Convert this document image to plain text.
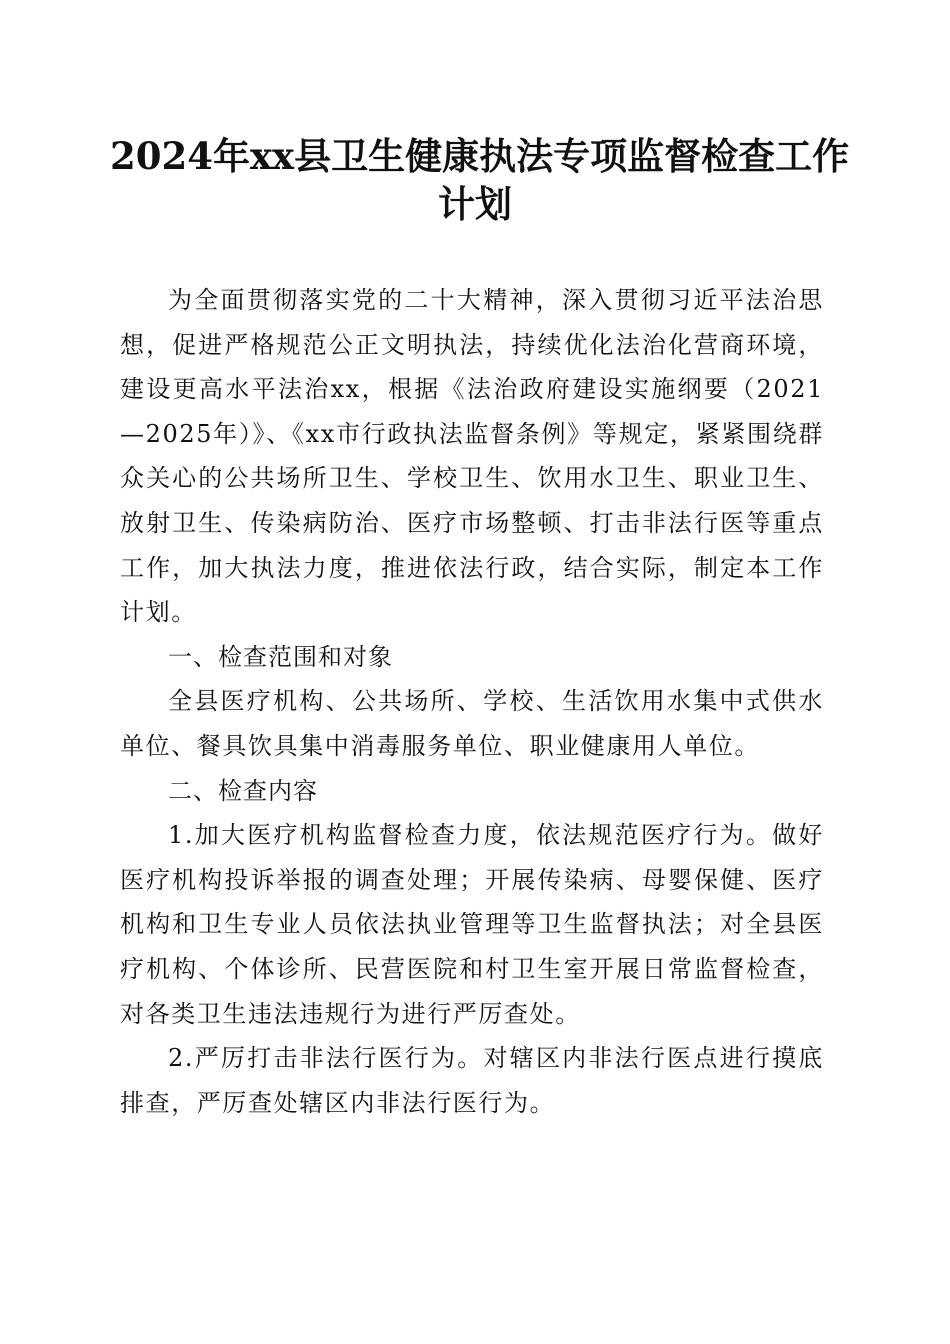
2024年xx县卫生健康执法专项监督检查工作
计划

为全面贯彻落实党的二十大精神，深入贯彻习近平法治思想，促进严格规范公正文明执法，持续优化法治化营商环境，建设更高水平法治xx，根据《法治政府建设实施纲要（2021—2025年）》、《xx市行政执法监督条例》等规定，紧紧围绕群众关心的公共场所卫生、学校卫生、饮用水卫生、职业卫生、放射卫生、传染病防治、医疗市场整顿、打击非法行医等重点工作，加大执法力度，推进依法行政，结合实际，制定本工作计划。

一、检查范围和对象

全县医疗机构、公共场所、学校、生活饮用水集中式供水单位、餐具饮具集中消毒服务单位、职业健康用人单位。

二、检查内容

1.加大医疗机构监督检查力度，依法规范医疗行为。做好医疗机构投诉举报的调查处理；开展传染病、母婴保健、医疗机构和卫生专业人员依法执业管理等卫生监督执法；对全县医疗机构、个体诊所、民营医院和村卫生室开展日常监督检查，对各类卫生违法违规行为进行严厉查处。

2.严厉打击非法行医行为。对辖区内非法行医点进行摸底排查，严厉查处辖区内非法行医行为。
